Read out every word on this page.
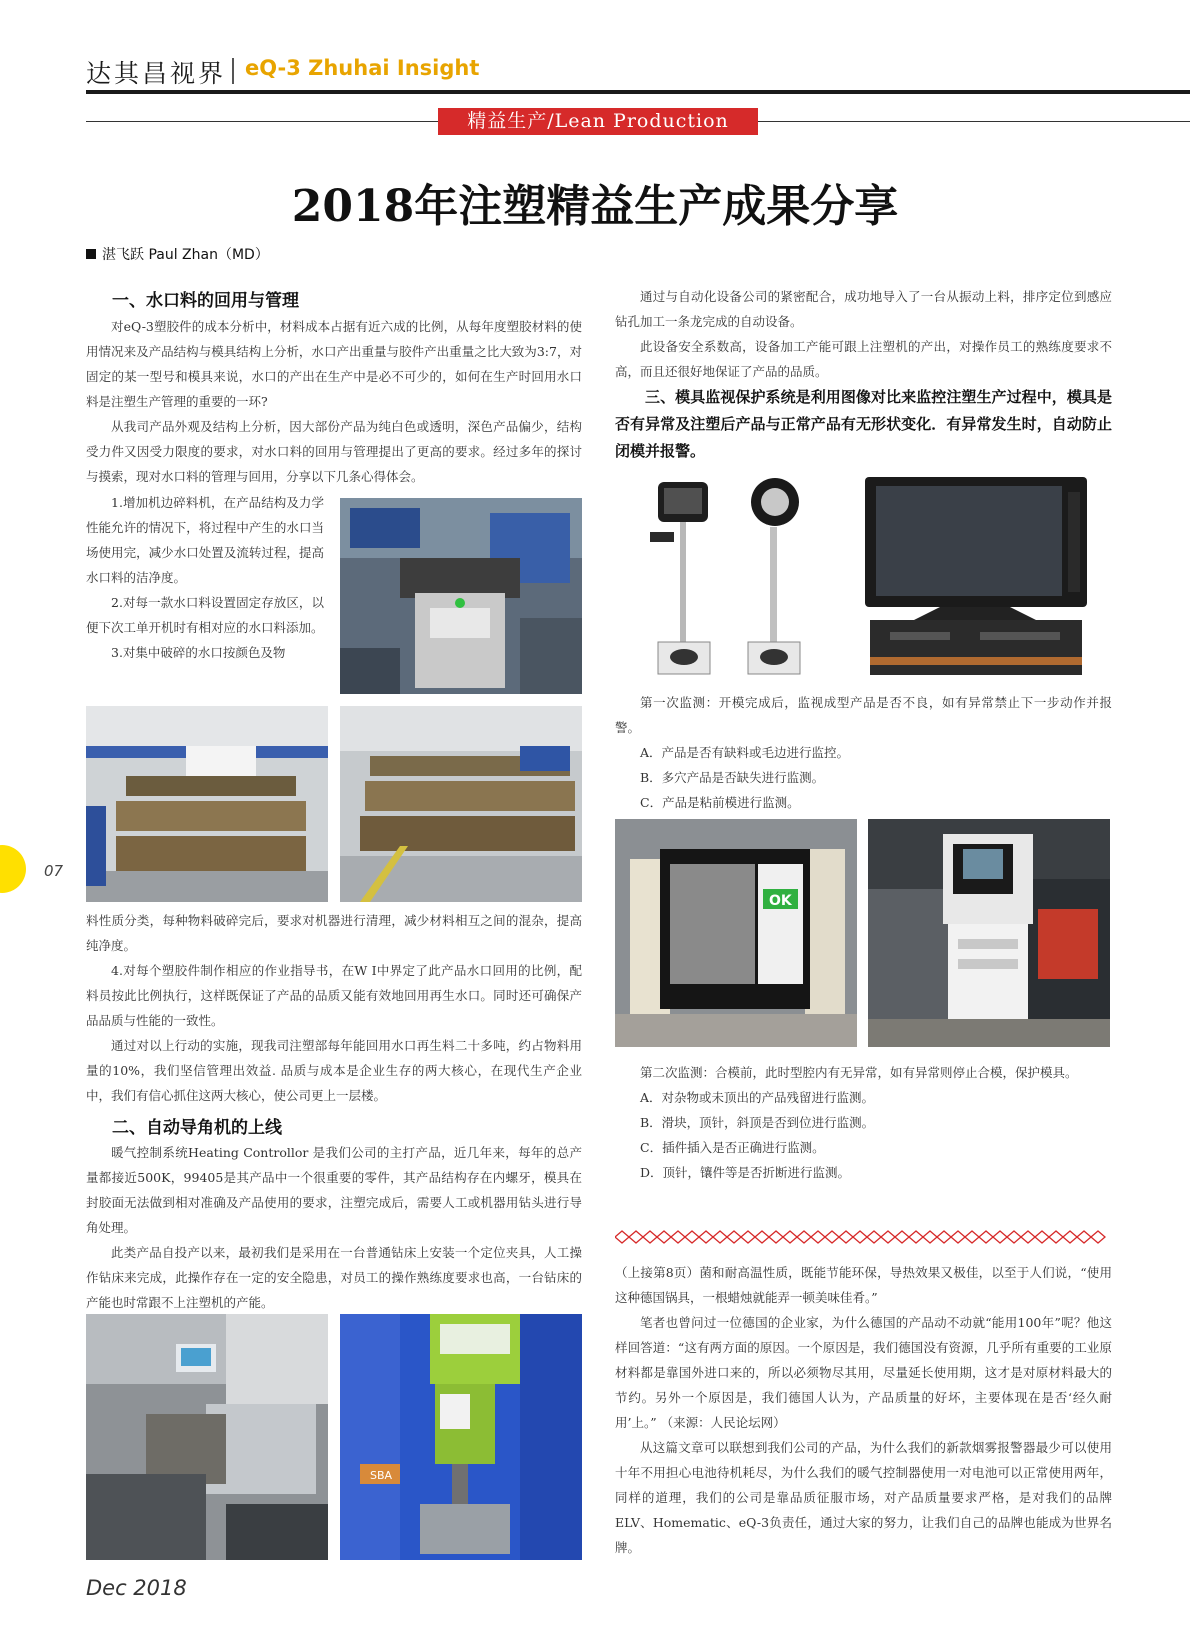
达其昌视界 eQ-3 Zhuhai Insight
精益生产/Lean Production
2018年注塑精益生产成果分享
湛飞跃 Paul Zhan（MD）
一、水口料的回用与管理

对eQ-3塑胶件的成本分析中，材料成本占据有近六成的比例，从每年度塑胶材料的使用情况来及产品结构与模具结构上分析，水口产出重量与胶件产出重量之比大致为3:7，对固定的某一型号和模具来说，水口的产出在生产中是必不可少的，如何在生产时回用水口料是注塑生产管理的重要的一环?

从我司产品外观及结构上分析，因大部份产品为纯白色或透明，深色产品偏少，结构受力件又因受力限度的要求，对水口料的回用与管理提出了更高的要求。经过多年的探讨与摸索，现对水口料的管理与回用，分享以下几条心得体会。

1.增加机边碎料机，在产品结构及力学性能允许的情况下，将过程中产生的水口当场使用完，减少水口处置及流转过程，提高水口料的洁净度。

2.对每一款水口料设置固定存放区，以便下次工单开机时有相对应的水口料添加。

3.对集中破碎的水口按颜色及物

料性质分类，每种物料破碎完后，要求对机器进行清理，减少材料相互之间的混杂，提高纯净度。

4.对每个塑胶件制作相应的作业指导书，在W I中界定了此产品水口回用的比例，配料员按此比例执行，这样既保证了产品的品质又能有效地回用再生水口。同时还可确保产品品质与性能的一致性。

通过对以上行动的实施，现我司注塑部每年能回用水口再生料二十多吨，约占物料用量的10%，我们坚信管理出效益. 品质与成本是企业生存的两大核心，在现代生产企业中，我们有信心抓住这两大核心，使公司更上一层楼。

二、自动导角机的上线

暖气控制系统Heating Controllor 是我们公司的主打产品，近几年来，每年的总产量都接近500K，99405是其产品中一个很重要的零件，其产品结构存在内螺牙，模具在封胶面无法做到相对准确及产品使用的要求，注塑完成后，需要人工或机器用钻头进行导角处理。

此类产品自投产以来，最初我们是采用在一台普通钻床上安装一个定位夹具，人工操作钻床来完成，此操作存在一定的安全隐患，对员工的操作熟练度要求也高，一台钻床的产能也时常跟不上注塑机的产能。

SBA
07
Dec 2018

通过与自动化设备公司的紧密配合，成功地导入了一台从振动上料，排序定位到感应钻孔加工一条龙完成的自动设备。

此设备安全系数高，设备加工产能可跟上注塑机的产出，对操作员工的熟练度要求不高，而且还很好地保证了产品的品质。

三、模具监视保护系统是利用图像对比来监控注塑生产过程中，模具是否有异常及注塑后产品与正常产品有无形状变化．有异常发生时，自动防止闭模并报警。

第一次监测：开模完成后，监视成型产品是否不良，如有异常禁止下一步动作并报警。

A．产品是否有缺料或毛边进行监控。

B．多穴产品是否缺失进行监测。

C．产品是粘前模进行监测。

OK

第二次监测：合模前，此时型腔内有无异常，如有异常则停止合模，保护模具。

A．对杂物或未顶出的产品残留进行监测。

B．滑块，顶针，斜顶是否到位进行监测。

C．插件插入是否正确进行监测。

D．顶针，镶件等是否折断进行监测。

（上接第8页）菌和耐高温性质，既能节能环保，导热效果又极佳，以至于人们说，“使用这种德国锅具，一根蜡烛就能弄一顿美味佳肴。”

笔者也曾问过一位德国的企业家，为什么德国的产品动不动就“能用100年”呢？他这样回答道：“这有两方面的原因。一个原因是，我们德国没有资源，几乎所有重要的工业原材料都是靠国外进口来的，所以必须物尽其用，尽量延长使用期，这才是对原材料最大的节约。另外一个原因是，我们德国人认为，产品质量的好坏，主要体现在是否‘经久耐用’上。” （来源：人民论坛网）

从这篇文章可以联想到我们公司的产品，为什么我们的新款烟雾报警器最少可以使用十年不用担心电池待机耗尽，为什么我们的暖气控制器使用一对电池可以正常使用两年，同样的道理，我们的公司是靠品质征服市场，对产品质量要求严格，是对我们的品牌ELV、Homematic、eQ-3负责任，通过大家的努力，让我们自己的品牌也能成为世界名牌。
